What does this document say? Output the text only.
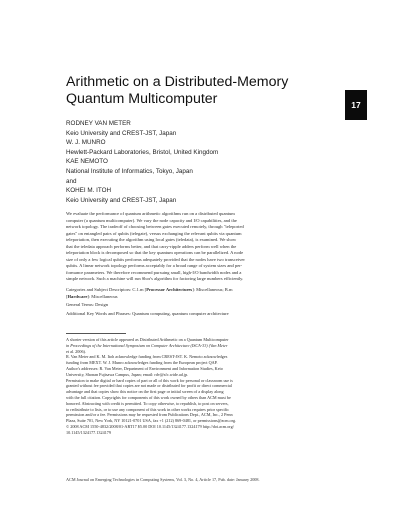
Arithmetic on a Distributed-Memory
Quantum Multicomputer	17
RODNEY VAN METER
Keio University and CREST-JST, Japan
W. J. MUNRO
Hewlett-Packard Laboratories, Bristol, United Kingdom
KAE NEMOTO
National Institute of Informatics, Tokyo, Japan
and
KOHEI M. ITOH
Keio University and CREST-JST, Japan
We evaluate the performance of quantum arithmetic algorithms run on a distributed quantum
computer (a quantum multicomputer). We vary the node capacity and I/O capabilities, and the
network topology. The tradeoff of choosing between gates executed remotely, through "teleported
gates" on entangled pairs of qubits (telegate), versus exchanging the relevant qubits via quantum
teleportation, then executing the algorithm using local gates (teledata), is examined. We show
that the teledata approach performs better, and that carry-ripple adders perform well when the
teleportation block is decomposed so that the key quantum operations can be parallelized. A node
size of only a few logical qubits performs adequately provided that the nodes have two transceiver
qubits. A linear network topology performs acceptably for a broad range of system sizes and per-
formance parameters. We therefore recommend pursuing small, high-I/O bandwidth nodes and a
simple network. Such a machine will run Shor's algorithm for factoring large numbers efficiently.
Categories and Subject Descriptors: C.1.m [Processor Architectures]: Miscellaneous; B.m
[Hardware]: Miscellaneous
General Terms: Design
Additional Key Words and Phrases: Quantum computing, quantum computer architecture
A shorter version of this article appeared as Distributed Arithmetic on a Quantum Multicomputer
in Proceedings of the International Symposium on Computer Architecture (ISCA-33) (Van Meter
et al. 2006).
R. Van Meter and K. M. Itoh acknowledge funding from CREST-JST. K. Nemoto acknowledges
funding from MEXT. W. J. Munro acknowledges funding from the European project QAP.
Author's addresses: R. Van Meter, Department of Environment and Information Studies, Keio
University, Shonan Fujisawa Campus, Japan; email: rdv@sfc.wide.ad.jp.
Permission to make digital or hard copies of part or all of this work for personal or classroom use is
granted without fee provided that copies are not made or distributed for profit or direct commercial
advantage and that copies show this notice on the first page or initial screen of a display along
with the full citation. Copyrights for components of this work owned by others than ACM must be
honored. Abstracting with credit is permitted. To copy otherwise, to republish, to post on servers,
to redistribute to lists, or to use any component of this work in other works requires prior specific
permission and/or a fee. Permissions may be requested from Publications Dept., ACM, Inc., 2 Penn
Plaza, Suite 701, New York, NY 10121-0701 USA, fax +1 (212) 869-0481, or permissions@acm.org.
© 2008 ACM 1550-4832/2008/01-ART17 $5.00 DOI 10.1145/1324177.1324179 http://doi.acm.org/
10.1145/1324177.1324179
ACM Journal on Emerging Technologies in Computing Systems, Vol. 3, No. 4, Article 17, Pub. date: January 2008.
